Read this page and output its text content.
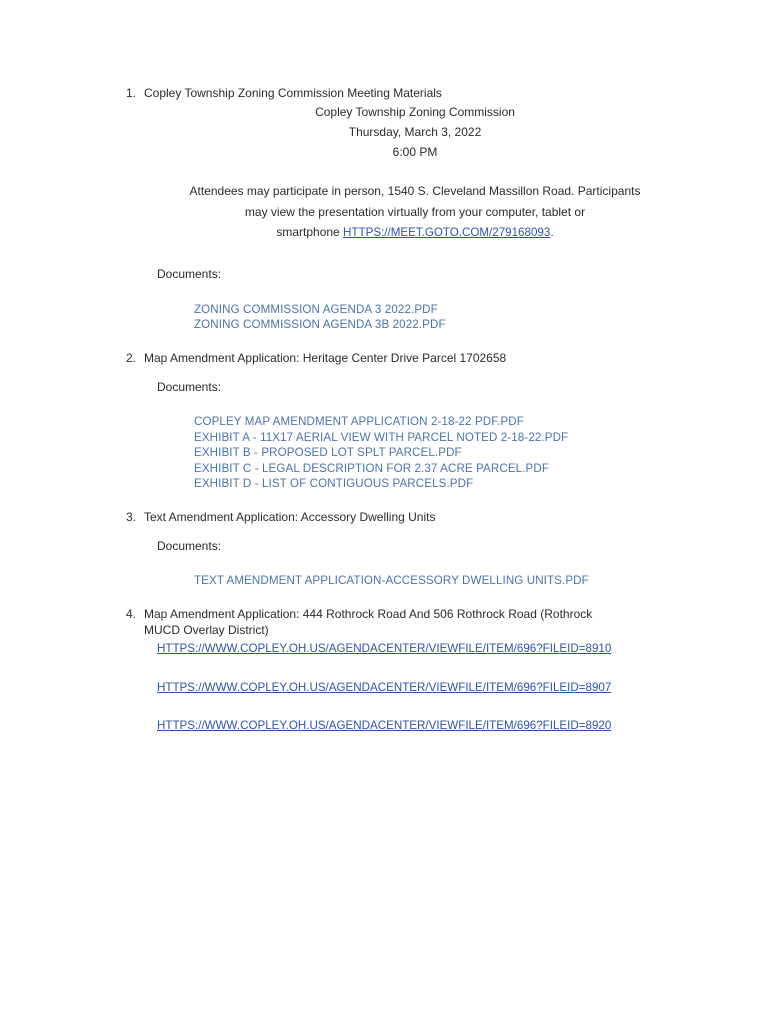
1. Copley Township Zoning Commission Meeting Materials
Copley Township Zoning Commission
Thursday, March 3, 2022
6:00 PM
Attendees may participate in person, 1540 S. Cleveland Massillon Road. Participants
may view the presentation virtually from your computer, tablet or
smartphone HTTPS://MEET.GOTO.COM/279168093.
Documents:
ZONING COMMISSION AGENDA 3 2022.PDF
ZONING COMMISSION AGENDA 3B 2022.PDF
2. Map Amendment Application: Heritage Center Drive Parcel 1702658
Documents:
COPLEY MAP AMENDMENT APPLICATION 2-18-22 PDF.PDF
EXHIBIT A - 11X17 AERIAL VIEW WITH PARCEL NOTED 2-18-22.PDF
EXHIBIT B - PROPOSED LOT SPLT PARCEL.PDF
EXHIBIT C - LEGAL DESCRIPTION FOR 2.37 ACRE PARCEL.PDF
EXHIBIT D - LIST OF CONTIGUOUS PARCELS.PDF
3. Text Amendment Application: Accessory Dwelling Units
Documents:
TEXT AMENDMENT APPLICATION-ACCESSORY DWELLING UNITS.PDF
4. Map Amendment Application: 444 Rothrock Road And 506 Rothrock Road (Rothrock
MUCD Overlay District)
HTTPS://WWW.COPLEY.OH.US/AGENDACENTER/VIEWFILE/ITEM/696?FILEID=8910
HTTPS://WWW.COPLEY.OH.US/AGENDACENTER/VIEWFILE/ITEM/696?FILEID=8907
HTTPS://WWW.COPLEY.OH.US/AGENDACENTER/VIEWFILE/ITEM/696?FILEID=8920
